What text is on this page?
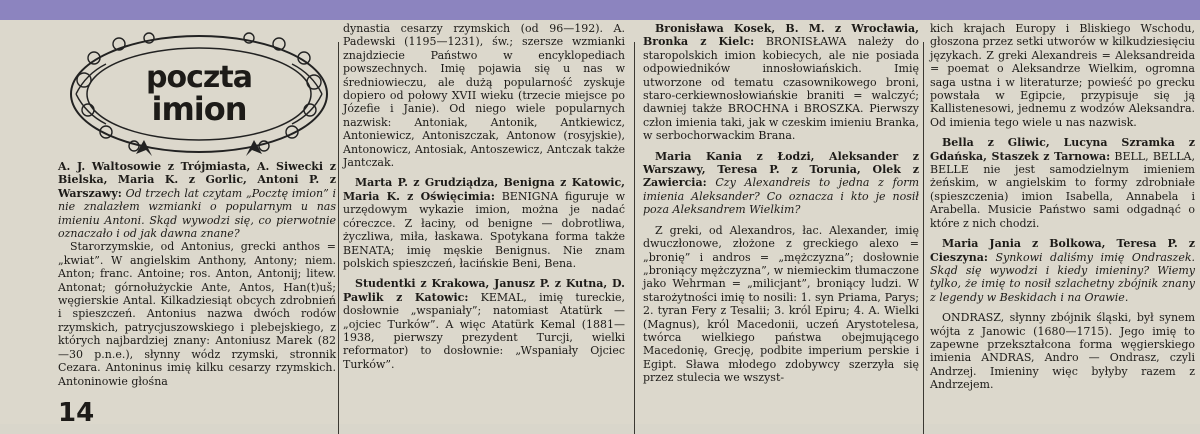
poczta
imion

A. J. Waltosowie z Trójmiasta, A. Siwecki z Bielska, Maria K. z Gorlic, Antoni P. z Warszawy: Od trzech lat czytam „Pocztę imion” i nie znalazłem wzmianki o popularnym u nas imieniu Antoni. Skąd wywodzi się, co pierwotnie oznaczało i od jak dawna znane?

Starorzymskie, od Antonius, grecki anthos = „kwiat”. W angielskim Anthony, Antony; niem. Anton; franc. Antoine; ros. Anton, Antonij; litew. Antonat; górnołużyckie Ante, Antos, Han(t)uš; węgierskie Antal. Kilkadziesiąt obcych zdrobnień i spieszczeń. Antonius nazwa dwóch rodów rzymskich, patrycjuszowskiego i plebejskiego, z których najbardziej znany: Antoniusz Marek (82—30 p.n.e.), słynny wódz rzymski, stronnik Cezara. Antoninus imię kilku cesarzy rzymskich. Antoninowie głośna

dynastia cesarzy rzymskich (od 96—192). A. Padewski (1195—1231), św.; szersze wzmianki znajdziecie Państwo w encyklopediach powszechnych. Imię pojawia się u nas w średniowieczu, ale dużą popularność zyskuje dopiero od połowy XVII wieku (trzecie miejsce po Józefie i Janie). Od niego wiele popularnych nazwisk: Antoniak, Antonik, Antkiewicz, Antoniewicz, Antoniszczak, Antonow (rosyjskie), Antonowicz, Antosiak, Antoszewicz, Antczak także Jantczak.

Marta P. z Grudziądza, Benigna z Katowic, Maria K. z Oświęcimia: BENIGNA figuruje w urzędowym wykazie imion, można je nadać córeczce. Z łaciny, od benigne — dobrotliwa, życzliwa, miła, łaskawa. Spotykana forma także BENATA; imię męskie Benignus. Nie znam polskich spieszczeń, łacińskie Beni, Bena.

Studentki z Krakowa, Janusz P. z Kutna, D. Pawlik z Katowic: KEMAL, imię tureckie, dosłownie „wspaniały”; natomiast Atatürk — „ojciec Turków”. A więc Atatürk Kemal (1881—1938, pierwszy prezydent Turcji, wielki reformator) to dosłownie: „Wspaniały Ojciec Turków”.

Bronisława Kosek, B. M. z Wrocławia, Bronka z Kielc: BRONISŁAWA należy do staropolskich imion kobiecych, ale nie posiada odpowiedników innosłowiańskich. Imię utworzone od tematu czasownikowego broni, staro-cerkiewnosłowiańskie braniti = walczyć; dawniej także BROCHNA i BROSZKA. Pierwszy człon imienia taki, jak w czeskim imieniu Branka, w serbochorwackim Brana.

Maria Kania z Łodzi, Aleksander z Warszawy, Teresa P. z Torunia, Olek z Zawiercia: Czy Alexandreis to jedna z form imienia Aleksander? Co oznacza i kto je nosił poza Aleksandrem Wielkim?

Z greki, od Alexandros, łac. Alexander, imię dwuczłonowe, złożone z greckiego alexo = „bronię” i andros = „mężczyzna”; dosłownie „broniący mężczyzna”, w niemieckim tłumaczone jako Wehrman = „milicjant”, broniący ludzi. W starożytności imię to nosili: 1. syn Priama, Parys; 2. tyran Fery z Tesalii; 3. król Epiru; 4. A. Wielki (Magnus), król Macedonii, uczeń Arystotelesa, twórca wielkiego państwa obejmującego Macedonię, Grecję, podbite imperium perskie i Egipt. Sława młodego zdobywcy szerzyła się przez stulecia we wszyst-

kich krajach Europy i Bliskiego Wschodu, głoszona przez setki utworów w kilkudziesięciu językach. Z greki Alexandreis = Aleksandreida = poemat o Aleksandrze Wielkim, ogromna saga ustna i w literaturze; powieść po grecku powstała w Egipcie, przypisuje się ją Kallistenesowi, jednemu z wodzów Aleksandra. Od imienia tego wiele u nas nazwisk.

Bella z Gliwic, Lucyna Szramka z Gdańska, Staszek z Tarnowa: BELL, BELLA, BELLE nie jest samodzielnym imieniem żeńskim, w angielskim to formy zdrobniałe (spieszczenia) imion Isabella, Annabela i Arabella. Musicie Państwo sami odgadnąć o które z nich chodzi.

Maria Jania z Bolkowa, Teresa P. z Cieszyna: Synkowi daliśmy imię Ondraszek. Skąd się wywodzi i kiedy imieniny? Wiemy tylko, że imię to nosił szlachetny zbójnik znany z legendy w Beskidach i na Orawie.

ONDRASZ, słynny zbójnik śląski, był synem wójta z Janowic (1680—1715). Jego imię to zapewne przekształcona forma węgierskiego imienia ANDRAS, Andro — Ondrasz, czyli Andrzej. Imieniny więc byłyby razem z Andrzejem.

14
